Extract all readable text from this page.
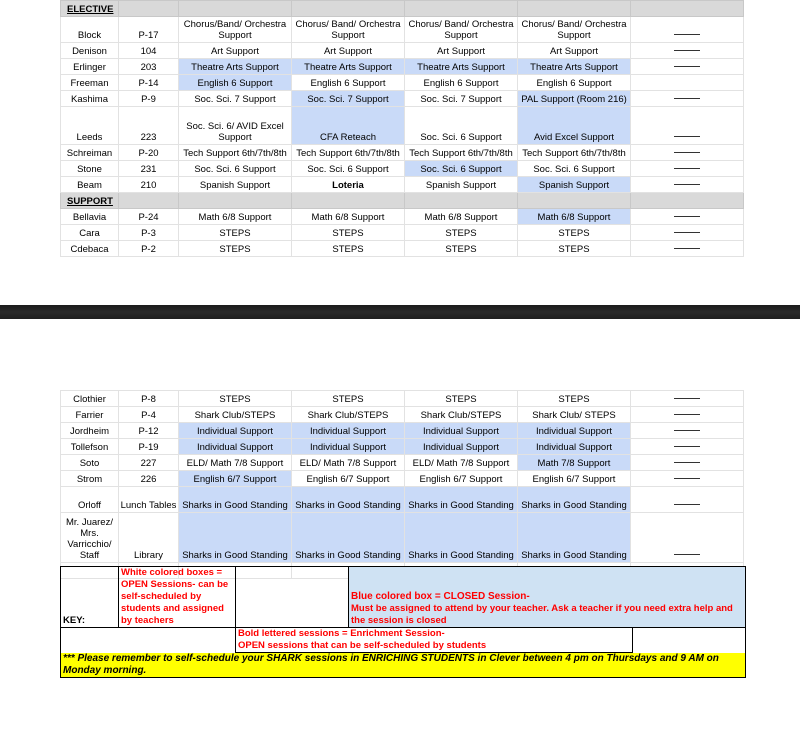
ELECTIVE						
Block	P-17	Chorus/Band/ Orchestra Support	Chorus/ Band/ Orchestra Support	Chorus/ Band/ Orchestra Support	Chorus/ Band/ Orchestra Support	
Denison	104	Art Support	Art Support	Art Support	Art Support	
Erlinger	203	Theatre Arts Support	Theatre Arts Support	Theatre Arts Support	Theatre Arts Support	
Freeman	P-14	English 6 Support	English 6 Support	English 6 Support	English 6 Support	
Kashima	P-9	Soc. Sci. 7 Support	Soc. Sci. 7 Support	Soc. Sci. 7 Support	PAL Support (Room 216)	
Leeds	223	Soc. Sci. 6/ AVID Excel Support	CFA Reteach	Soc. Sci. 6 Support	Avid Excel Support	
Schreiman	P-20	Tech Support 6th/7th/8th	Tech Support 6th/7th/8th	Tech Support 6th/7th/8th	Tech Support 6th/7th/8th	
Stone	231	Soc. Sci. 6 Support	Soc. Sci. 6 Support	Soc. Sci. 6 Support	Soc. Sci. 6 Support	
Beam	210	Spanish Support	Loteria	Spanish Support	Spanish Support	
SUPPORT						
Bellavia	P-24	Math 6/8 Support	Math 6/8 Support	Math 6/8 Support	Math 6/8 Support	
Cara	P-3	STEPS	STEPS	STEPS	STEPS	
Cdebaca	P-2	STEPS	STEPS	STEPS	STEPS	
Clothier	P-8	STEPS	STEPS	STEPS	STEPS	
Farrier	P-4	Shark Club/STEPS	Shark Club/STEPS	Shark Club/STEPS	Shark Club/ STEPS	
Jordheim	P-12	Individual Support	Individual Support	Individual Support	Individual Support	
Tollefson	P-19	Individual Support	Individual Support	Individual Support	Individual Support	
Soto	227	ELD/ Math 7/8 Support	ELD/ Math 7/8 Support	ELD/ Math 7/8 Support	Math 7/8 Support	
Strom	226	English 6/7 Support	English 6/7 Support	English 6/7 Support	English 6/7 Support	
Orloff	Lunch Tables	Sharks in Good Standing	Sharks in Good Standing	Sharks in Good Standing	Sharks in Good Standing	
Mr. Juarez/ Mrs. Varricchio/ Staff	Library	Sharks in Good Standing	Sharks in Good Standing	Sharks in Good Standing	Sharks in Good Standing	

KEY:	White colored boxes = OPEN Sessions- can be self-scheduled by students and assigned by teachers		Blue colored box = CLOSED Session-
Must be assigned to attend by your teacher. Ask a teacher if you need extra help and the session is closed	

		Bold lettered sessions = Enrichment Session-
OPEN sessions that can be self-scheduled by students		

*** Please remember to self-schedule your SHARK sessions in ENRICHING STUDENTS in Clever between 4 pm on Thursdays and 9 AM on Monday morning.				
